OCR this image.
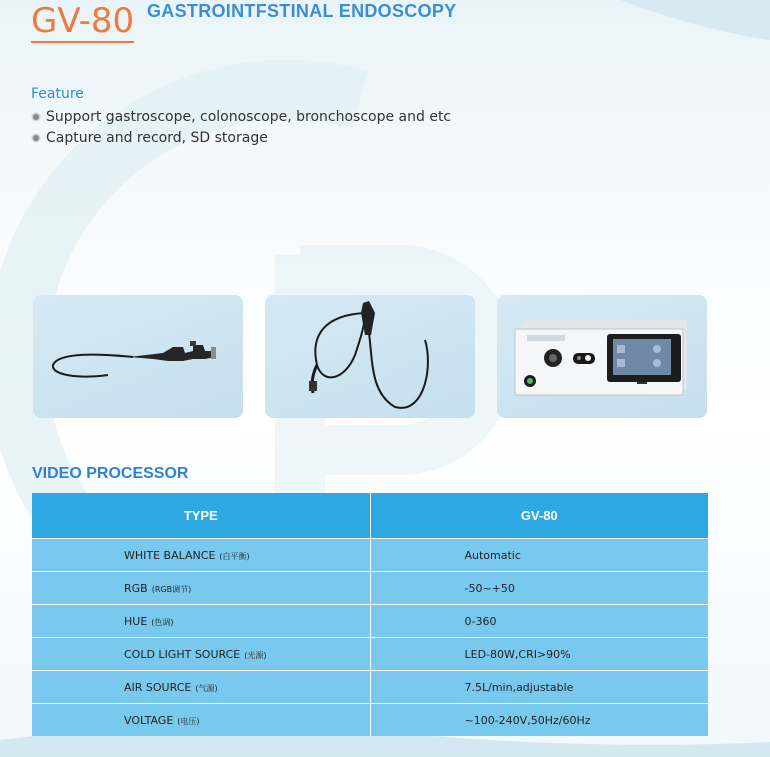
GV-80 GASTROINTFSTINAL ENDOSCOPY
Feature
Support gastroscope, colonoscope, bronchoscope and etc
Capture and record, SD storage
VIDEO PROCESSOR
TYPE	GV-80
WHITE BALANCE (白平衡)	Automatic
RGB (RGB调节)	-50~+50
HUE (色调)	0-360
COLD LIGHT SOURCE (光源)	LED-80W,CRI>90%
AIR SOURCE (气源)	7.5L/min,adjustable
VOLTAGE (电压)	~100-240V,50Hz/60Hz
